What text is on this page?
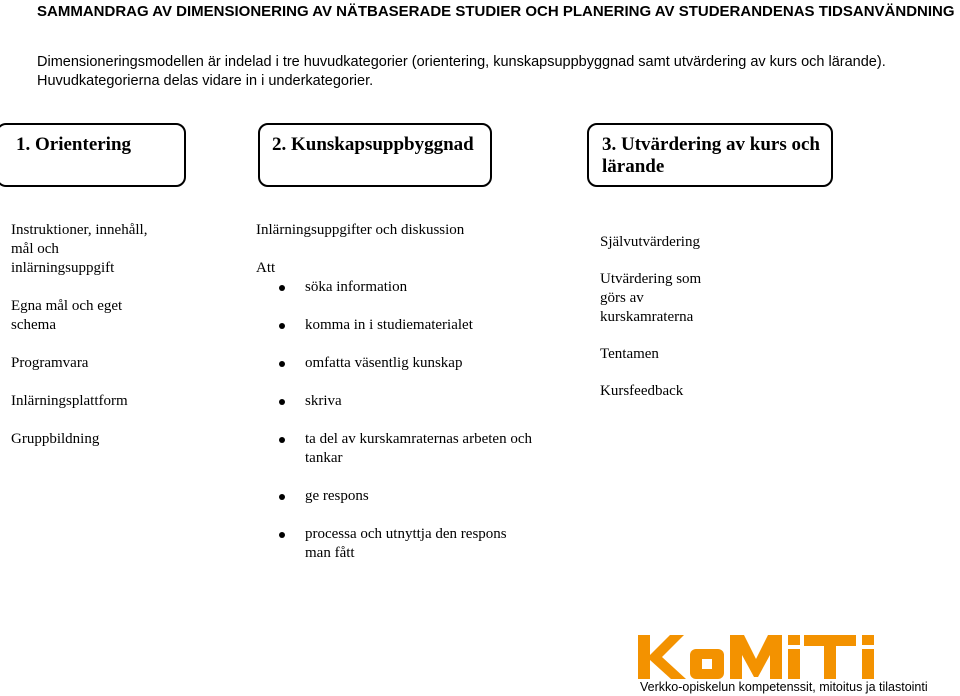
SAMMANDRAG AV DIMENSIONERING AV NÄTBASERADE STUDIER OCH PLANERING AV STUDERANDENAS TIDSANVÄNDNING
Dimensioneringsmodellen är indelad i tre huvudkategorier (orientering, kunskapsuppbyggnad samt utvärdering av kurs och lärande).
Huvudkategorierna delas vidare in i underkategorier.
1. Orientering	2. Kunskapsuppbyggnad	3. Utvärdering av kurs och
lärande
Instruktioner, innehåll, mål och inlärningsuppgift
Egna mål och eget schema
Programvara
Inlärningsplattform
Gruppbildning
Inlärningsuppgifter och diskussion
Att
söka information
komma in i studiematerialet
omfatta väsentlig kunskap
skriva
ta del av kurskamraternas arbeten och tankar
ge respons
processa och utnyttja den respons man fått
Självutvärdering
Utvärdering som görs av kurskamraterna
Tentamen
Kursfeedback
Verkko-opiskelun kompetenssit, mitoitus ja tilastointi
